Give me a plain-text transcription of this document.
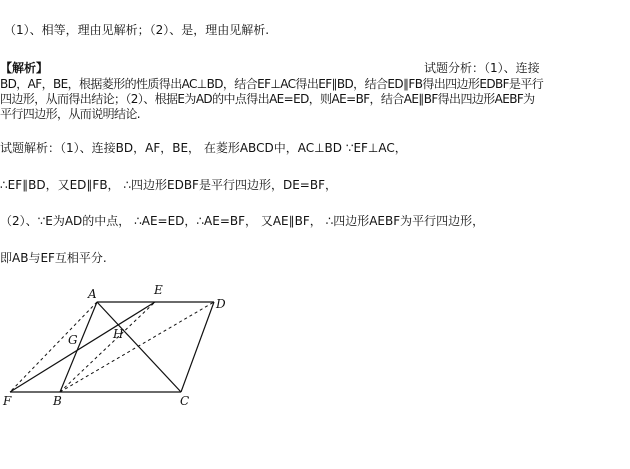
（1）、相等，理由见解析；（2）、是，理由见解析.
【解析】	试题分析：（1）、连接
BD，AF，BE，根据菱形的性质得出AC⊥BD，结合EF⊥AC得出EF∥BD，结合ED∥FB得出四边形EDBF是平行
四边形，从而得出结论；（2）、根据E为AD的中点得出AE=ED，则AE=BF，结合AE∥BF得出四边形AEBF为
平行四边形，从而说明结论.
试题解析：（1）、连接BD，AF，BE， 在菱形ABCD中，AC⊥BD ∵EF⊥AC，
∴EF∥BD，又ED∥FB， ∴四边形EDBF是平行四边形，DE=BF，
（2）、∵E为AD的中点， ∴AE=ED，∴AE=BF， 又AE∥BF， ∴四边形AEBF为平行四边形，
即AB与EF互相平分.
A	E
D
H
G
F	B	C
